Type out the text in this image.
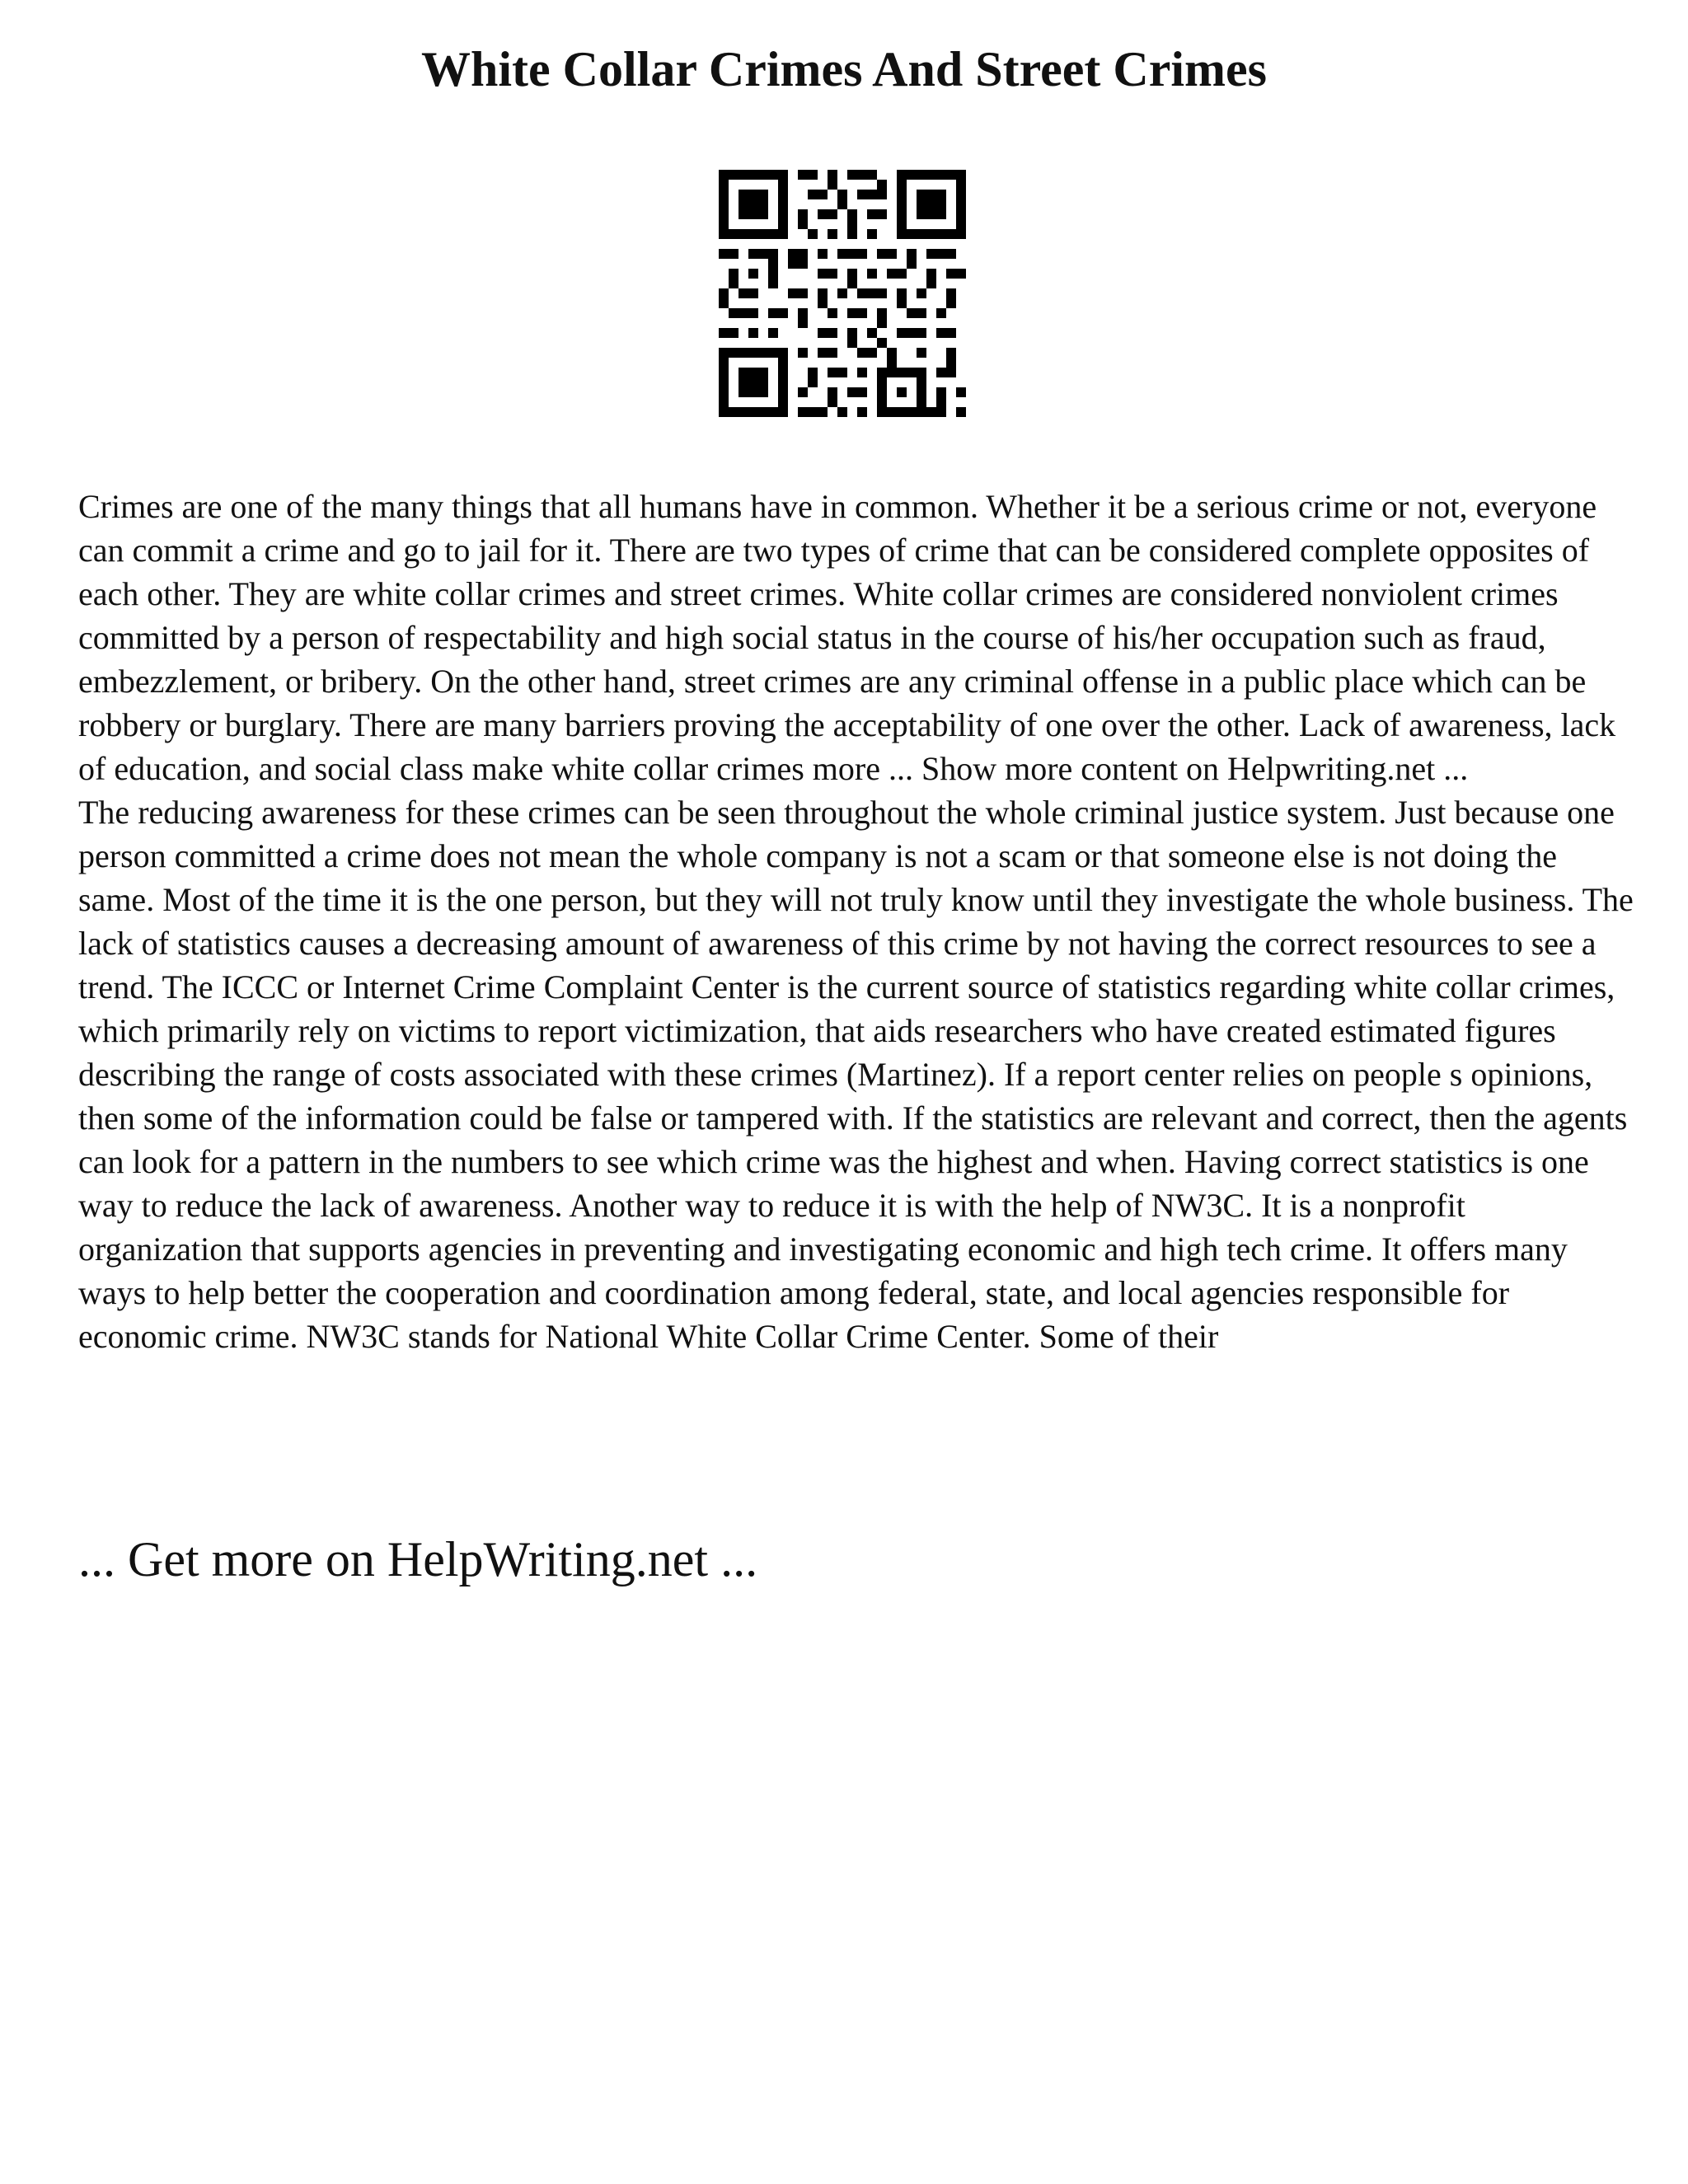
White Collar Crimes And Street Crimes

Crimes are one of the many things that all humans have in common. Whether it be a serious crime or not, everyone can commit a crime and go to jail for it. There are two types of crime that can be considered complete opposites of each other. They are white collar crimes and street crimes. White collar crimes are considered nonviolent crimes committed by a person of respectability and high social status in the course of his/her occupation such as fraud, embezzlement, or bribery. On the other hand, street crimes are any criminal offense in a public place which can be robbery or burglary. There are many barriers proving the acceptability of one over the other. Lack of awareness, lack of education, and social class make white collar crimes more ... Show more content on Helpwriting.net ...

The reducing awareness for these crimes can be seen throughout the whole criminal justice system. Just because one person committed a crime does not mean the whole company is not a scam or that someone else is not doing the same. Most of the time it is the one person, but they will not truly know until they investigate the whole business. The lack of statistics causes a decreasing amount of awareness of this crime by not having the correct resources to see a trend. The ICCC or Internet Crime Complaint Center is the current source of statistics regarding white collar crimes, which primarily rely on victims to report victimization, that aids researchers who have created estimated figures describing the range of costs associated with these crimes (Martinez). If a report center relies on people s opinions, then some of the information could be false or tampered with. If the statistics are relevant and correct, then the agents can look for a pattern in the numbers to see which crime was the highest and when. Having correct statistics is one way to reduce the lack of awareness. Another way to reduce it is with the help of NW3C. It is a nonprofit organization that supports agencies in preventing and investigating economic and high tech crime. It offers many ways to help better the cooperation and coordination among federal, state, and local agencies responsible for economic crime. NW3C stands for National White Collar Crime Center. Some of their

... Get more on HelpWriting.net ...
